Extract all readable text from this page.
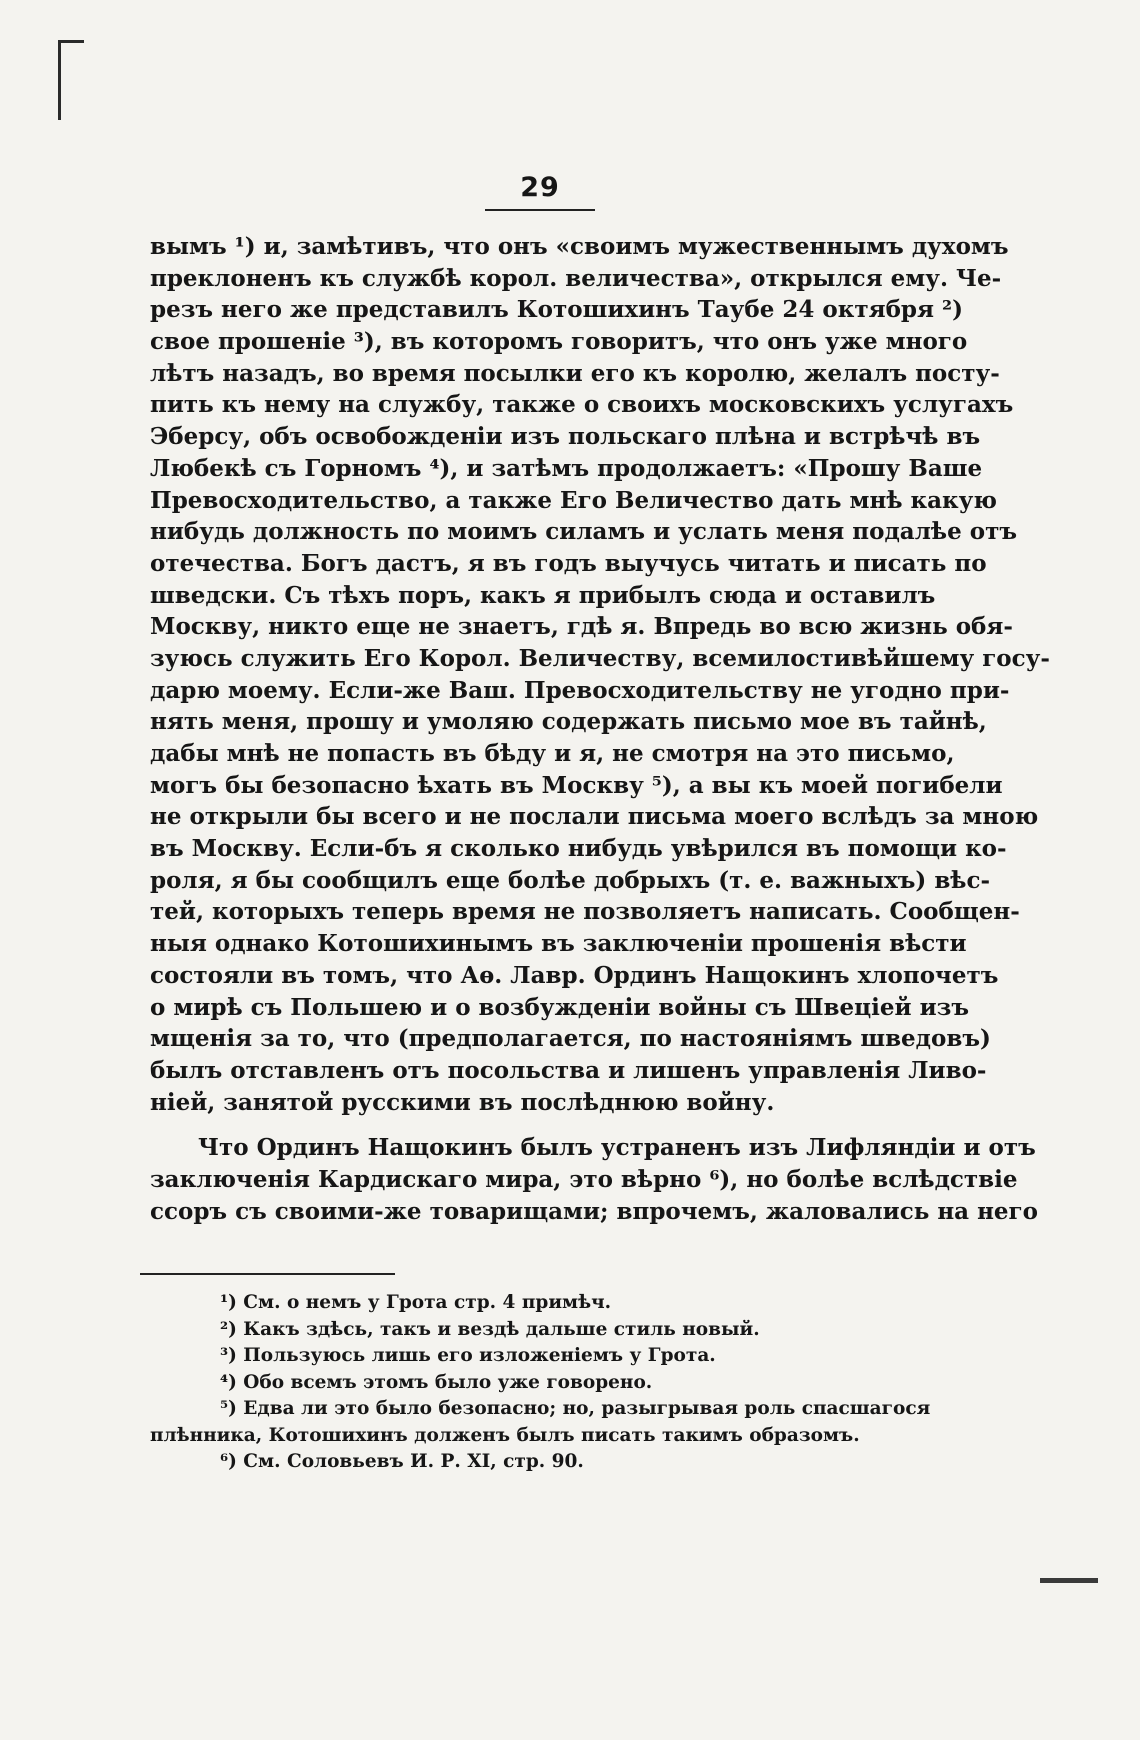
29
вымъ ¹) и, замѣтивъ, что онъ «своимъ мужественнымъ духомъ
преклоненъ къ службѣ корол. величества», открылся ему. Че-
резъ него же представилъ Котошихинъ Таубе 24 октября ²)
свое прошеніе ³), въ которомъ говоритъ, что онъ уже много
лѣтъ назадъ, во время посылки его къ королю, желалъ посту-
пить къ нему на службу, также о своихъ московскихъ услугахъ
Эберсу, объ освобожденіи изъ польскаго плѣна и встрѣчѣ въ
Любекѣ съ Горномъ ⁴), и затѣмъ продолжаетъ: «Прошу Ваше
Превосходительство, а также Его Величество дать мнѣ какую
нибудь должность по моимъ силамъ и услать меня подалѣе отъ
отечества. Богъ дастъ, я въ годъ выучусь читать и писать по
шведски. Съ тѣхъ поръ, какъ я прибылъ сюда и оставилъ
Москву, никто еще не знаетъ, гдѣ я. Впредь во всю жизнь обя-
зуюсь служить Его Корол. Величеству, всемилостивѣйшему госу-
дарю моему. Если-же Ваш. Превосходительству не угодно при-
нять меня, прошу и умоляю содержать письмо мое въ тайнѣ,
дабы мнѣ не попасть въ бѣду и я, не смотря на это письмо,
могъ бы безопасно ѣхать въ Москву ⁵), а вы къ моей погибели
не открыли бы всего и не послали письма моего вслѣдъ за мною
въ Москву. Если-бъ я сколько нибудь увѣрился въ помощи ко-
роля, я бы сообщилъ еще болѣе добрыхъ (т. е. важныхъ) вѣс-
тей, которыхъ теперь время не позволяетъ написать. Сообщен-
ныя однако Котошихинымъ въ заключеніи прошенія вѣсти
состояли въ томъ, что Аѳ. Лавр. Ординъ Нащокинъ хлопочетъ
о мирѣ съ Польшею и о возбужденіи войны съ Швеціей изъ
мщенія за то, что (предполагается, по настояніямъ шведовъ)
былъ отставленъ отъ посольства и лишенъ управленія Ливо-
ніей, занятой русскими въ послѣднюю войну.
Что Ординъ Нащокинъ былъ устраненъ изъ Лифляндіи и отъ
заключенія Кардискаго мира, это вѣрно ⁶), но болѣе вслѣдствіе
ссоръ съ своими-же товарищами; впрочемъ, жаловались на него
¹) См. о немъ у Грота стр. 4 примѣч.
²) Какъ здѣсь, такъ и вездѣ дальше стиль новый.
³) Пользуюсь лишь его изложеніемъ у Грота.
⁴) Обо всемъ этомъ было уже говорено.
⁵) Едва ли это было безопасно; но, разыгрывая роль спасшагося
плѣнника, Котошихинъ долженъ былъ писать такимъ образомъ.
⁶) См. Соловьевъ И. Р. XI, стр. 90.
